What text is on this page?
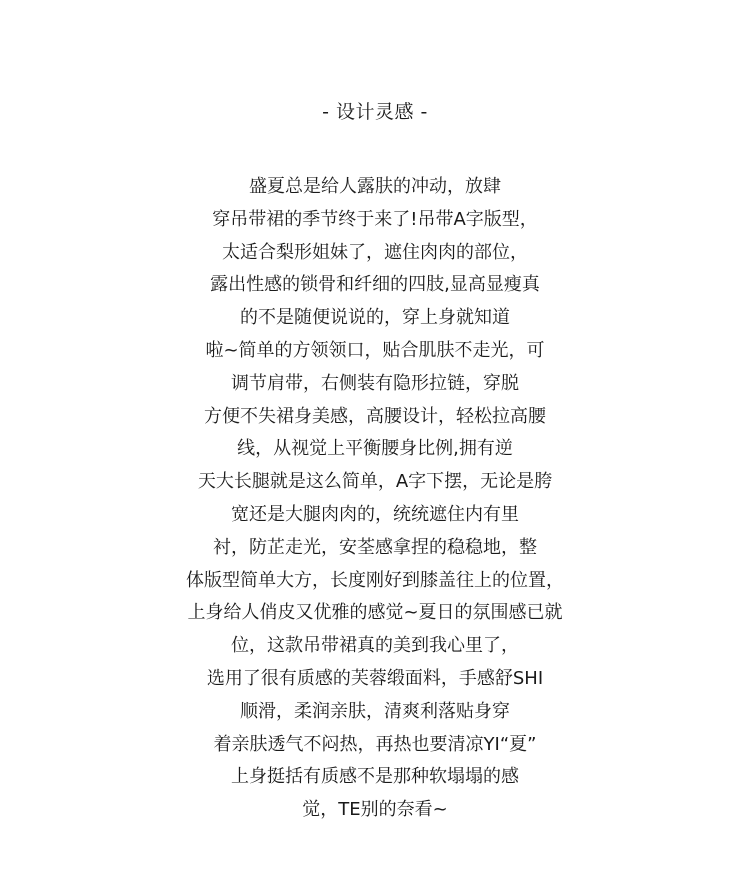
- 设计灵感 -
盛夏总是给人露肤的冲动，放肆
穿吊带裙的季节终于来了!吊带A字版型，
太适合梨形姐妹了，遮住肉肉的部位，
露出性感的锁骨和纤细的四肢,显高显瘦真
的不是随便说说的，穿上身就知道
啦~简单的方领领口，贴合肌肤不走光，可
调节肩带，右侧装有隐形拉链，穿脱
方便不失裙身美感，高腰设计，轻松拉高腰
线，从视觉上平衡腰身比例,拥有逆
天大长腿就是这么简单，A字下摆，无论是胯
宽还是大腿肉肉的，统统遮住内有里
衬，防芷走光，安荃感拿捏的稳稳地，整
体版型简单大方，长度刚好到膝盖往上的位置，
上身给人俏皮又优雅的感觉~夏日的氛围感已就
位，这款吊带裙真的美到我心里了，
选用了很有质感的芙蓉缎面料，手感舒SHI
顺滑，柔润亲肤，清爽利落贴身穿
着亲肤透气不闷热，再热也要清凉YI“夏”
上身挺括有质感不是那种软塌塌的感
觉，TE别的奈看~
